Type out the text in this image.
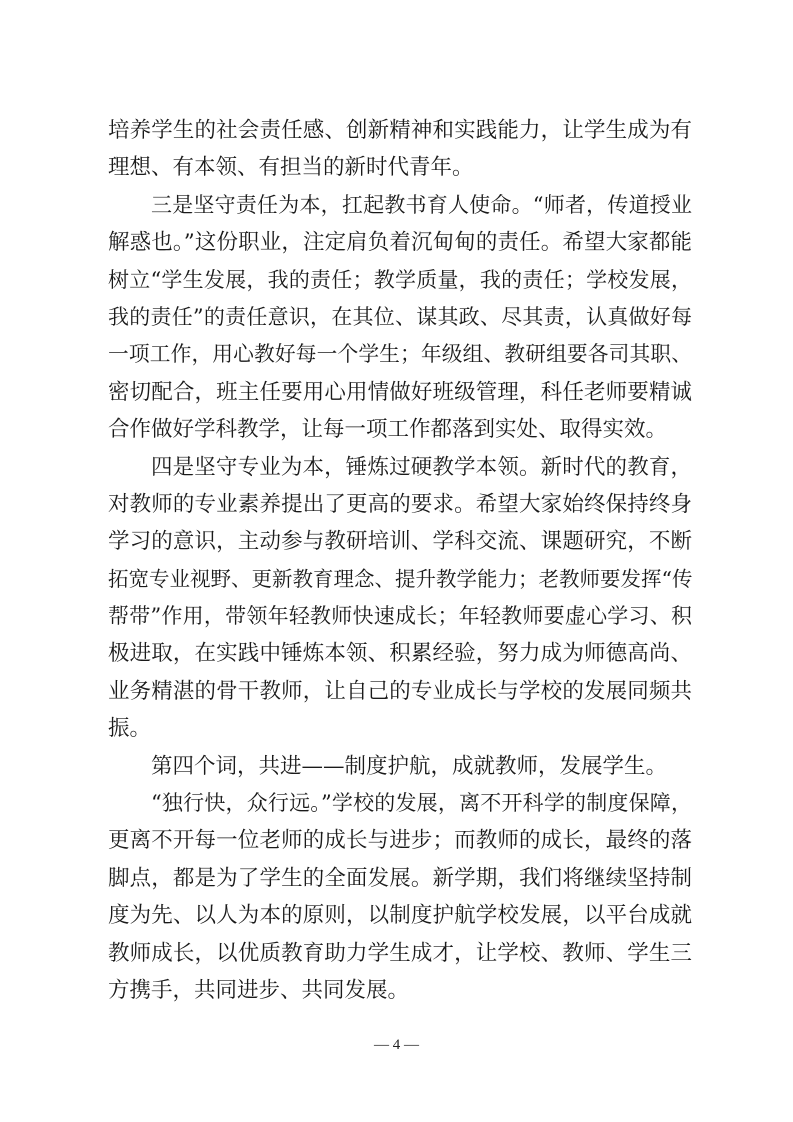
培养学生的社会责任感、创新精神和实践能力，让学生成为有
理想、有本领、有担当的新时代青年。
三是坚守责任为本，扛起教书育人使命。“师者，传道授业
解惑也。”这份职业，注定肩负着沉甸甸的责任。希望大家都能
树立“学生发展，我的责任；教学质量，我的责任；学校发展，
我的责任”的责任意识，在其位、谋其政、尽其责，认真做好每
一项工作，用心教好每一个学生；年级组、教研组要各司其职、
密切配合，班主任要用心用情做好班级管理，科任老师要精诚
合作做好学科教学，让每一项工作都落到实处、取得实效。
四是坚守专业为本，锤炼过硬教学本领。新时代的教育，
对教师的专业素养提出了更高的要求。希望大家始终保持终身
学习的意识，主动参与教研培训、学科交流、课题研究，不断
拓宽专业视野、更新教育理念、提升教学能力；老教师要发挥“传
帮带”作用，带领年轻教师快速成长；年轻教师要虚心学习、积
极进取，在实践中锤炼本领、积累经验，努力成为师德高尚、
业务精湛的骨干教师，让自己的专业成长与学校的发展同频共
振。
第四个词，共进——制度护航，成就教师，发展学生。
“独行快，众行远。”学校的发展，离不开科学的制度保障，
更离不开每一位老师的成长与进步；而教师的成长，最终的落
脚点，都是为了学生的全面发展。新学期，我们将继续坚持制
度为先、以人为本的原则，以制度护航学校发展，以平台成就
教师成长，以优质教育助力学生成才，让学校、教师、学生三
方携手，共同进步、共同发展。
— 4 —
